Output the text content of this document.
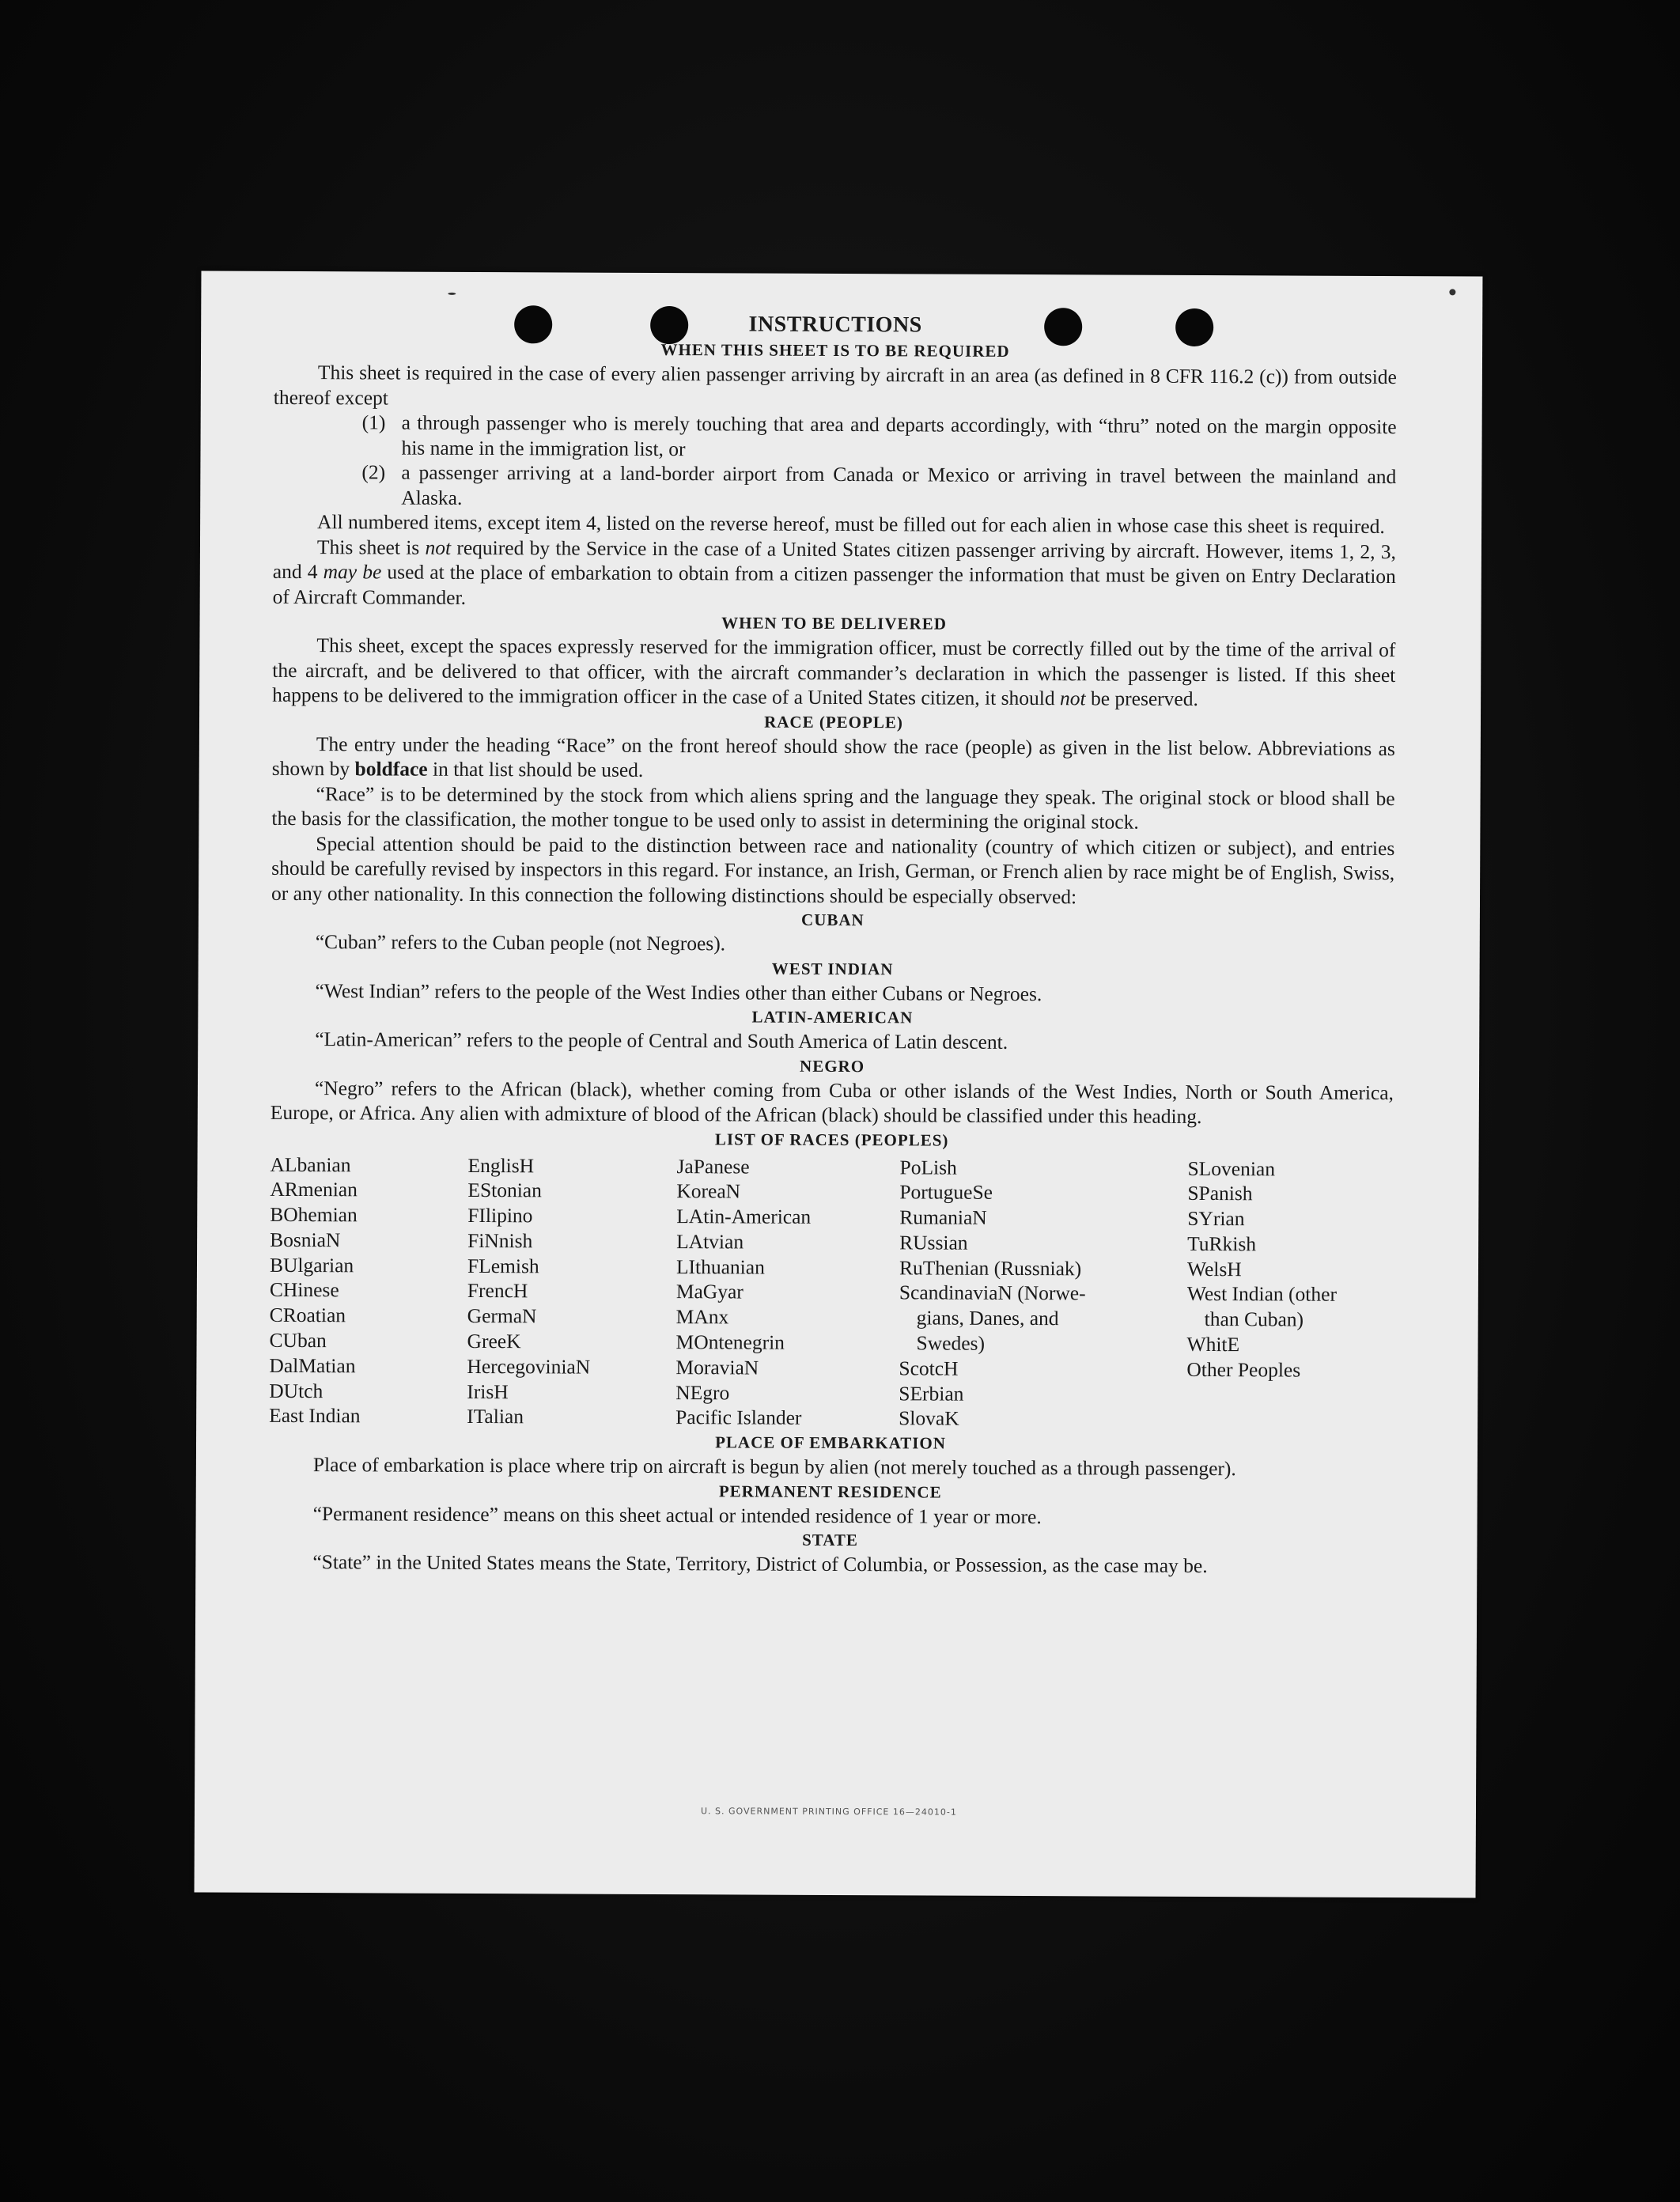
INSTRUCTIONS
WHEN THIS SHEET IS TO BE REQUIRED

This sheet is required in the case of every alien passenger arriving by aircraft in an area (as defined in 8 CFR 116.2 (c)) from outside thereof except

(1) a through passenger who is merely touching that area and departs accordingly, with “thru” noted on the margin opposite his name in the immigration list, or
(2) a passenger arriving at a land-border airport from Canada or Mexico or arriving in travel between the mainland and Alaska.

All numbered items, except item 4, listed on the reverse hereof, must be filled out for each alien in whose case this sheet is required.

This sheet is not required by the Service in the case of a United States citizen passenger arriving by aircraft. However, items 1, 2, 3, and 4 may be used at the place of embarkation to obtain from a citizen passenger the information that must be given on Entry Declaration of Aircraft Commander.

WHEN TO BE DELIVERED

This sheet, except the spaces expressly reserved for the immigration officer, must be correctly filled out by the time of the arrival of the aircraft, and be delivered to that officer, with the aircraft commander’s declaration in which the passenger is listed. If this sheet happens to be delivered to the immigration officer in the case of a United States citizen, it should not be preserved.

RACE (PEOPLE)

The entry under the heading “Race” on the front hereof should show the race (people) as given in the list below. Abbreviations as shown by boldface in that list should be used.

“Race” is to be determined by the stock from which aliens spring and the language they speak. The original stock or blood shall be the basis for the classification, the mother tongue to be used only to assist in determining the original stock.

Special attention should be paid to the distinction between race and nationality (country of which citizen or subject), and entries should be carefully revised by inspectors in this regard. For instance, an Irish, German, or French alien by race might be of English, Swiss, or any other nationality. In this connection the following distinctions should be especially observed:

CUBAN

“Cuban” refers to the Cuban people (not Negroes).

WEST INDIAN

“West Indian” refers to the people of the West Indies other than either Cubans or Negroes.

LATIN-AMERICAN

“Latin-American” refers to the people of Central and South America of Latin descent.

NEGRO

“Negro” refers to the African (black), whether coming from Cuba or other islands of the West Indies, North or South America, Europe, or Africa. Any alien with admixture of blood of the African (black) should be classified under this heading.

LIST OF RACES (PEOPLES)
ALbanian
ARmenian
BOhemian
BosniaN
BUlgarian
CHinese
CRoatian
CUban
DalMatian
DUtch
East Indian
EnglisH
EStonian
FIlipino
FiNnish
FLemish
FrencH
GermaN
GreeK
HercegoviniaN
IrisH
ITalian
JaPanese
KoreaN
LAtin-American
LAtvian
LIthuanian
MaGyar
MAnx
MOntenegrin
MoraviaN
NEgro
Pacific Islander
PoLish
PortugueSe
RumaniaN
RUssian
RuThenian (Russniak)
ScandinaviaN (Norwe-
gians, Danes, and
Swedes)
ScotcH
SErbian
SlovaK
SLovenian
SPanish
SYrian
TuRkish
WelsH
West Indian (other
than Cuban)
WhitE
Other Peoples
PLACE OF EMBARKATION

Place of embarkation is place where trip on aircraft is begun by alien (not merely touched as a through passenger).

PERMANENT RESIDENCE

“Permanent residence” means on this sheet actual or intended residence of 1 year or more.

STATE

“State” in the United States means the State, Territory, District of Columbia, or Possession, as the case may be.

U. S. GOVERNMENT PRINTING OFFICE 16—24010-1
